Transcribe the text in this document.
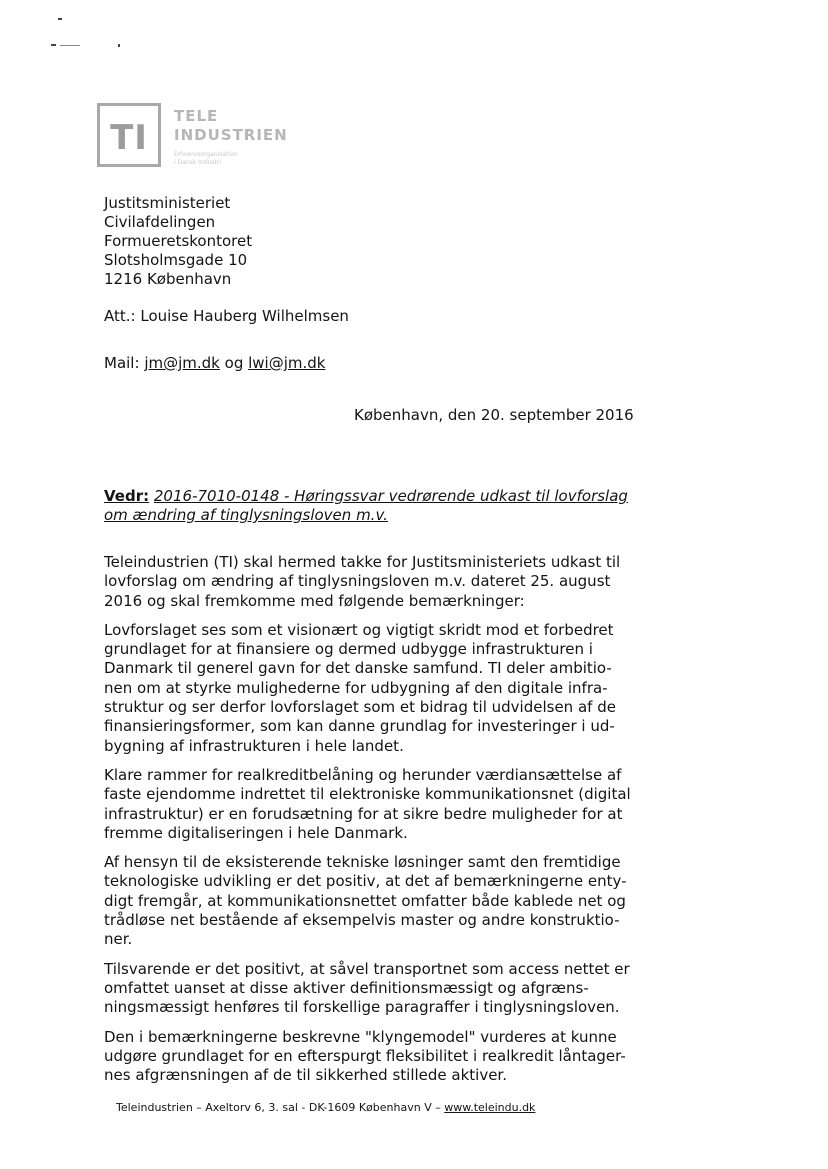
TI
TELE
INDUSTRIEN
Erhvervsorganisation
i Dansk Industri
Justitsministeriet
Civilafdelingen
Formueretskontoret
Slotsholmsgade 10
1216 København
Att.: Louise Hauberg Wilhelmsen
Mail: jm@jm.dk og lwi@jm.dk
København, den 20. september 2016
Vedr: 2016-7010-0148 - Høringssvar vedrørende udkast til lovforslag
om ændring af tinglysningsloven m.v.

Teleindustrien (TI) skal hermed takke for Justitsministeriets udkast til
lovforslag om ændring af tinglysningsloven m.v. dateret 25. august
2016 og skal fremkomme med følgende bemærkninger:

Lovforslaget ses som et visionært og vigtigt skridt mod et forbedret
grundlaget for at finansiere og dermed udbygge infrastrukturen i
Danmark til generel gavn for det danske samfund. TI deler ambitio-
nen om at styrke mulighederne for udbygning af den digitale infra-
struktur og ser derfor lovforslaget som et bidrag til udvidelsen af de
finansieringsformer, som kan danne grundlag for investeringer i ud-
bygning af infrastrukturen i hele landet.

Klare rammer for realkreditbelåning og herunder værdiansættelse af
faste ejendomme indrettet til elektroniske kommunikationsnet (digital
infrastruktur) er en forudsætning for at sikre bedre muligheder for at
fremme digitaliseringen i hele Danmark.

Af hensyn til de eksisterende tekniske løsninger samt den fremtidige
teknologiske udvikling er det positiv, at det af bemærkningerne enty-
digt fremgår, at kommunikationsnettet omfatter både kablede net og
trådløse net bestående af eksempelvis master og andre konstruktio-
ner.

Tilsvarende er det positivt, at såvel transportnet som access nettet er
omfattet uanset at disse aktiver definitionsmæssigt og afgræns-
ningsmæssigt henføres til forskellige paragraffer i tinglysningsloven.

Den i bemærkningerne beskrevne "klyngemodel" vurderes at kunne
udgøre grundlaget for en efterspurgt fleksibilitet i realkredit låntager-
nes afgrænsningen af de til sikkerhed stillede aktiver.

Teleindustrien – Axeltorv 6, 3. sal - DK-1609 København V – www.teleindu.dk
